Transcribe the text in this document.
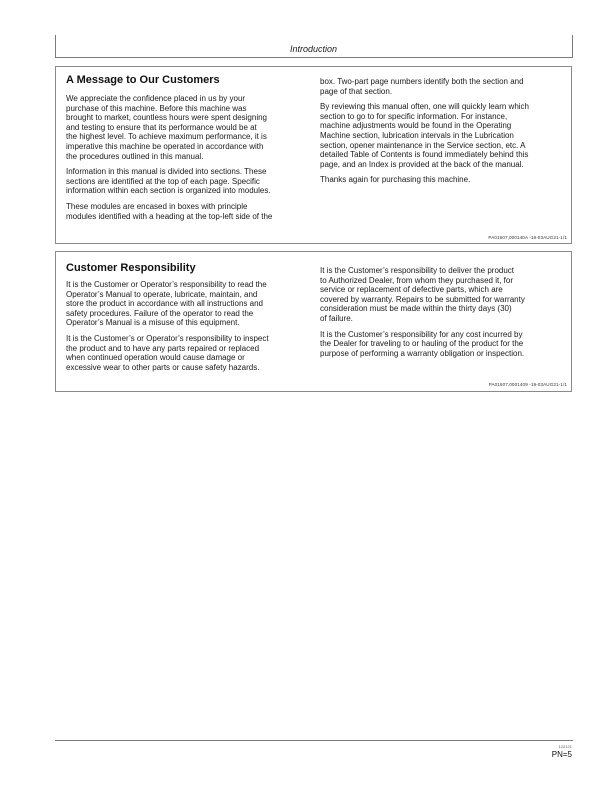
Introduction
A Message to Our Customers

We appreciate the confidence placed in us by your
purchase of this machine. Before this machine was
brought to market, countless hours were spent designing
and testing to ensure that its performance would be at
the highest level. To achieve maximum performance, it is
imperative this machine be operated in accordance with
the procedures outlined in this manual.

Information in this manual is divided into sections. These
sections are identified at the top of each page. Specific
information within each section is organized into modules.

These modules are encased in boxes with principle
modules identified with a heading at the top-left side of the

box. Two-part page numbers identify both the section and
page of that section.

By reviewing this manual often, one will quickly learn which
section to go to for specific information. For instance,
machine adjustments would be found in the Operating
Machine section, lubrication intervals in the Lubrication
section, opener maintenance in the Service section, etc. A
detailed Table of Contents is found immediately behind this
page, and an Index is provided at the back of the manual.

Thanks again for purchasing this machine.

PA01607,000140A -19-03AUG21-1/1
Customer Responsibility

It is the Customer or Operator’s responsibility to read the
Operator’s Manual to operate, lubricate, maintain, and
store the product in accordance with all instructions and
safety procedures. Failure of the operator to read the
Operator’s Manual is a misuse of this equipment.

It is the Customer’s or Operator’s responsibility to inspect
the product and to have any parts repaired or replaced
when continued operation would cause damage or
excessive wear to other parts or cause safety hazards.

It is the Customer’s responsibility to deliver the product
to Authorized Dealer, from whom they purchased it, for
service or replacement of defective parts, which are
covered by warranty. Repairs to be submitted for warranty
consideration must be made within the thirty days (30)
of failure.

It is the Customer’s responsibility for any cost incurred by
the Dealer for traveling to or hauling of the product for the
purpose of performing a warranty obligation or inspection.

PA01607,0001409 -19-03AUG21-1/1
122121
PN=5
